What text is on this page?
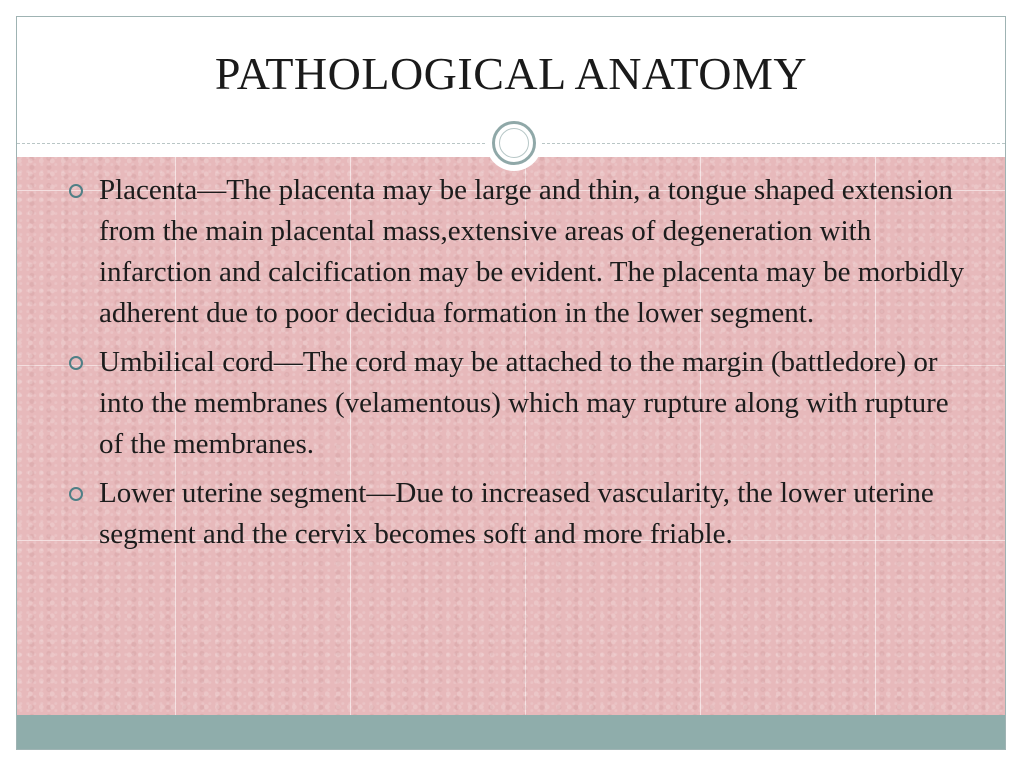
PATHOLOGICAL ANATOMY
Placenta—The placenta may be large and thin, a tongue shaped extension from the main placental mass,extensive areas of degeneration with infarction and calcification may be evident. The placenta may be morbidly adherent due to poor decidua formation in the lower segment.
Umbilical cord—The cord may be attached to the margin (battledore) or into the membranes (velamentous) which may rupture along with rupture of the membranes.
Lower uterine segment—Due to increased vascularity, the lower uterine segment and the cervix becomes soft and more friable.
